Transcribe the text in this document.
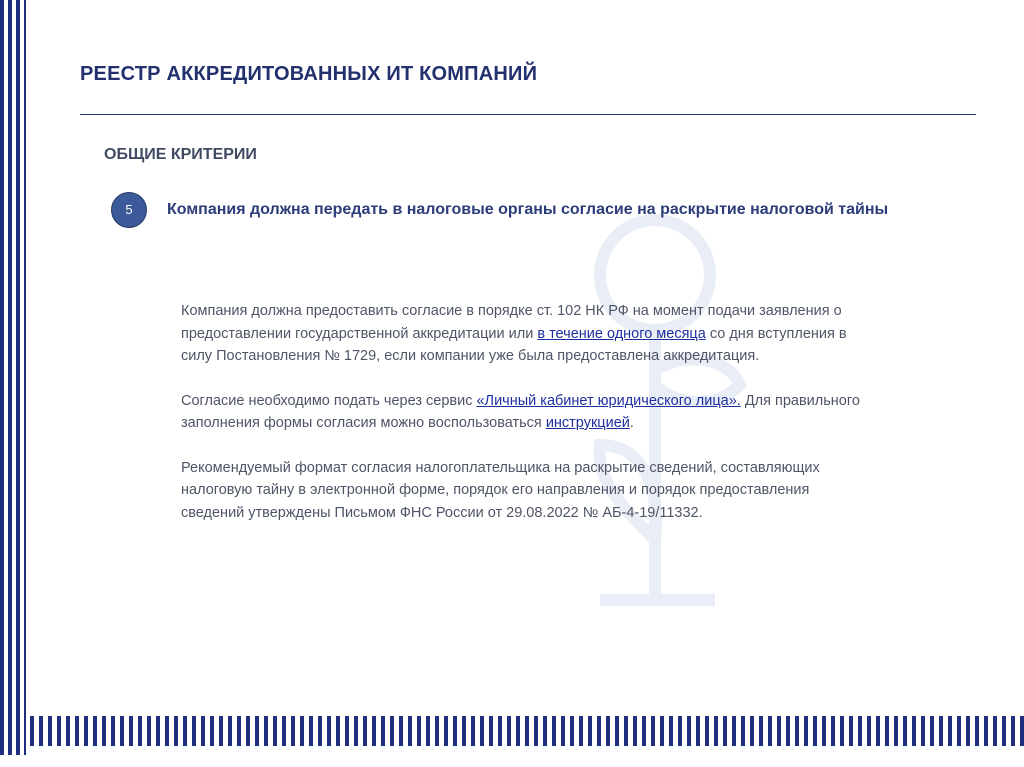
РЕЕСТР АККРЕДИТОВАННЫХ ИТ КОМПАНИЙ
ОБЩИЕ КРИТЕРИИ
5	Компания должна передать в налоговые органы согласие на раскрытие налоговой тайны

Компания должна предоставить согласие в порядке ст. 102 НК РФ на момент подачи заявления о предоставлении государственной аккредитации или в течение одного месяца со дня вступления в силу Постановления № 1729, если компании уже была предоставлена аккредитация.

Согласие необходимо подать через сервис «Личный кабинет юридического лица». Для правильного заполнения формы согласия можно воспользоваться инструкцией.

Рекомендуемый формат согласия налогоплательщика на раскрытие сведений, составляющих налоговую тайну в электронной форме, порядок его направления и порядок предоставления сведений утверждены Письмом ФНС России от 29.08.2022 № АБ-4-19/11332.
